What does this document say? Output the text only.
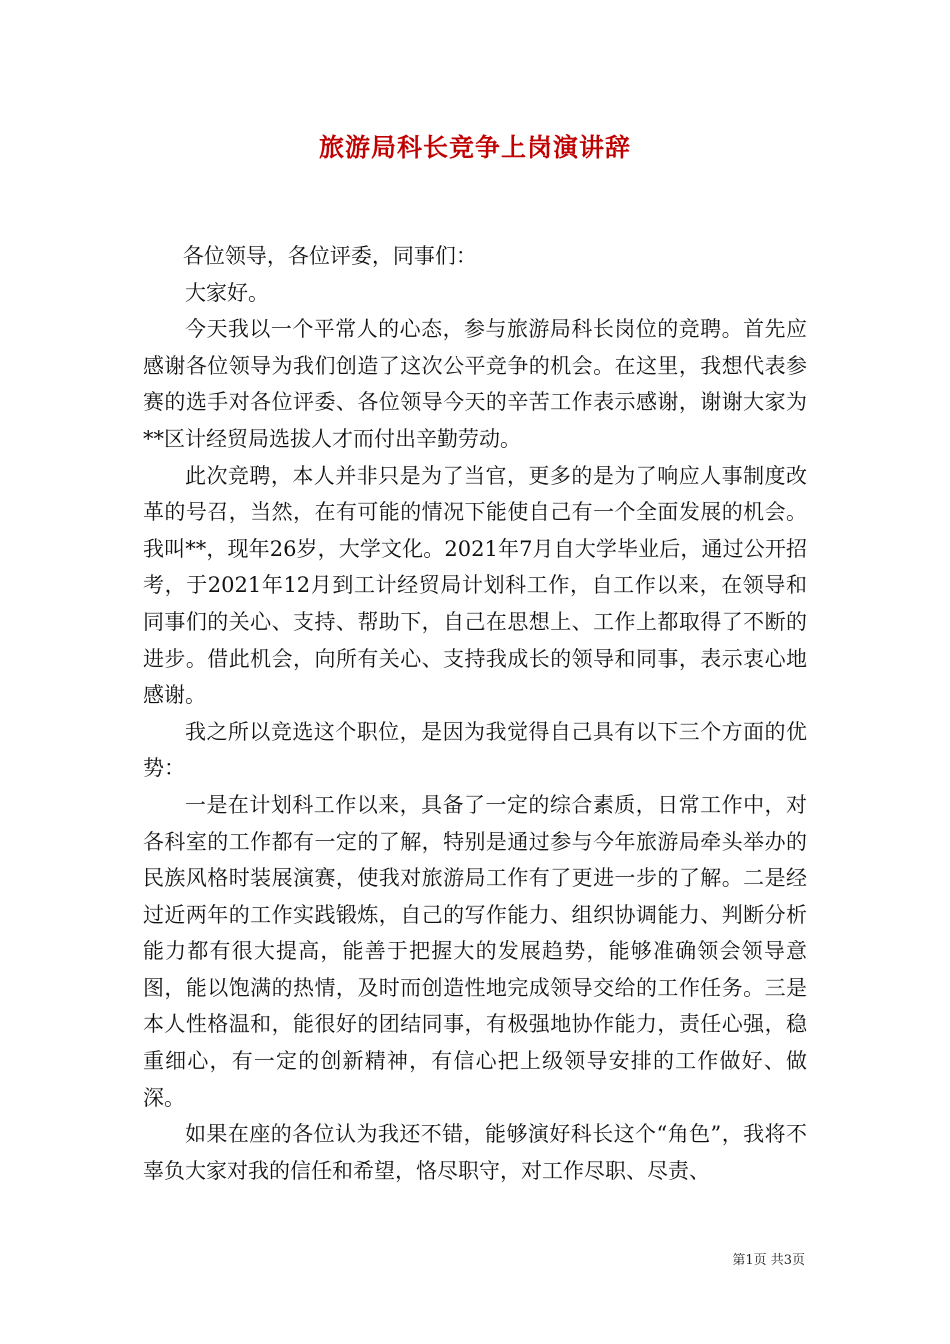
旅游局科长竞争上岗演讲辞

各位领导，各位评委，同事们：

大家好。

今天我以一个平常人的心态，参与旅游局科长岗位的竞聘。首先应感谢各位领导为我们创造了这次公平竞争的机会。在这里，我想代表参赛的选手对各位评委、各位领导今天的辛苦工作表示感谢，谢谢大家为**区计经贸局选拔人才而付出辛勤劳动。

此次竞聘，本人并非只是为了当官，更多的是为了响应人事制度改革的号召，当然，在有可能的情况下能使自己有一个全面发展的机会。我叫**，现年26岁，大学文化。2021年7月自大学毕业后，通过公开招考，于2021年12月到工计经贸局计划科工作，自工作以来，在领导和同事们的关心、支持、帮助下，自己在思想上、工作上都取得了不断的进步。借此机会，向所有关心、支持我成长的领导和同事，表示衷心地感谢。

我之所以竞选这个职位，是因为我觉得自己具有以下三个方面的优势：

一是在计划科工作以来，具备了一定的综合素质，日常工作中，对各科室的工作都有一定的了解，特别是通过参与今年旅游局牵头举办的民族风格时装展演赛，使我对旅游局工作有了更进一步的了解。二是经过近两年的工作实践锻炼，自己的写作能力、组织协调能力、判断分析能力都有很大提高，能善于把握大的发展趋势，能够准确领会领导意图，能以饱满的热情，及时而创造性地完成领导交给的工作任务。三是本人性格温和，能很好的团结同事，有极强地协作能力，责任心强，稳重细心，有一定的创新精神，有信心把上级领导安排的工作做好、做深。

如果在座的各位认为我还不错，能够演好科长这个“角色”，我将不辜负大家对我的信任和希望，恪尽职守，对工作尽职、尽责、

第1页 共3页
